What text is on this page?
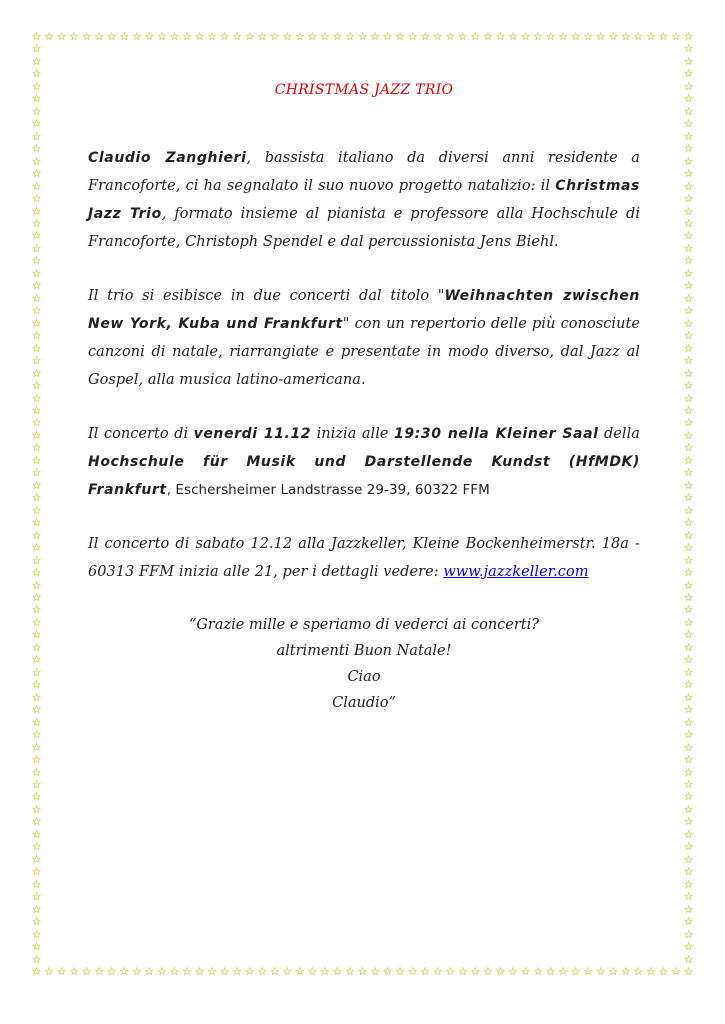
☆
☆
☆
☆
☆
☆
☆
☆
☆
☆
☆
☆
☆
☆
☆
☆
☆
☆
☆
☆
☆
☆
☆
☆
☆
☆
☆
☆
☆
☆
☆
☆
☆
☆
☆
☆
☆
☆
☆
☆
☆
☆
☆
☆
☆
☆
☆
☆
☆
☆
☆
☆
☆
☆
☆
☆
☆
☆
☆
☆
☆
☆
☆
☆
☆
☆
☆
☆
☆
☆
☆
☆
☆
☆
☆
☆
☆
☆
☆
☆
☆
☆
☆
☆
☆
☆
☆
☆
☆
☆
☆
☆
☆
☆
☆
☆
☆
☆
☆
☆
☆
☆
☆
☆
☆
☆
☆	☆
☆	☆
☆	☆
☆	☆
☆	☆
☆	☆
☆	☆
☆	☆
☆	☆
☆	☆
☆	☆
☆	☆
☆	☆
☆	☆
☆	☆
☆	☆
☆	☆
☆	☆
☆	☆
☆	☆
☆	☆
☆	☆
☆	☆
☆	☆
☆	☆
☆	☆
☆	☆
☆	☆
☆	☆
☆	☆
☆	☆
☆	☆
☆	☆
☆	☆
☆	☆
☆	☆
☆	☆
☆	☆
☆	☆
☆	☆
☆	☆
☆	☆
☆	☆
☆	☆
☆	☆
☆	☆
☆	☆
☆	☆
☆	☆
☆	☆
☆	☆
☆	☆
☆	☆
☆	☆
☆	☆
☆	☆
☆	☆
☆	☆
☆	☆
☆	☆
☆	☆
☆	☆
☆	☆
☆	☆
☆	☆
☆	☆
☆	☆
☆	☆
☆	☆
☆	☆
☆	☆
☆	☆
☆	☆
☆	☆
CHRISTMAS JAZZ TRIO

Claudio Zanghieri, bassista italiano da diversi anni residente a Francoforte, ci ha segnalato il suo nuovo progetto natalizio: il Christmas Jazz Trio, formato insieme al pianista e professore alla Hochschule di Francoforte, Christoph Spendel e dal percussionista Jens Biehl.

Il trio si esibisce in due concerti dal titolo "Weihnachten zwischen New York, Kuba und Frankfurt" con un repertorio delle più conosciute canzoni di natale, riarrangiate e presentate in modo diverso, dal Jazz al Gospel, alla musica latino-americana.

Il concerto di venerdi 11.12 inizia alle 19:30 nella Kleiner Saal della Hochschule für Musik und Darstellende Kundst (HfMDK) Frankfurt, Eschersheimer Landstrasse 29-39, 60322 FFM

Il concerto di sabato 12.12 alla Jazzkeller, Kleine Bockenheimerstr. 18a - 60313 FFM inizia alle 21, per i dettagli vedere: www.jazzkeller.com

“Grazie mille e speriamo di vederci ai concerti?
altrimenti Buon Natale!
Ciao
Claudio”
